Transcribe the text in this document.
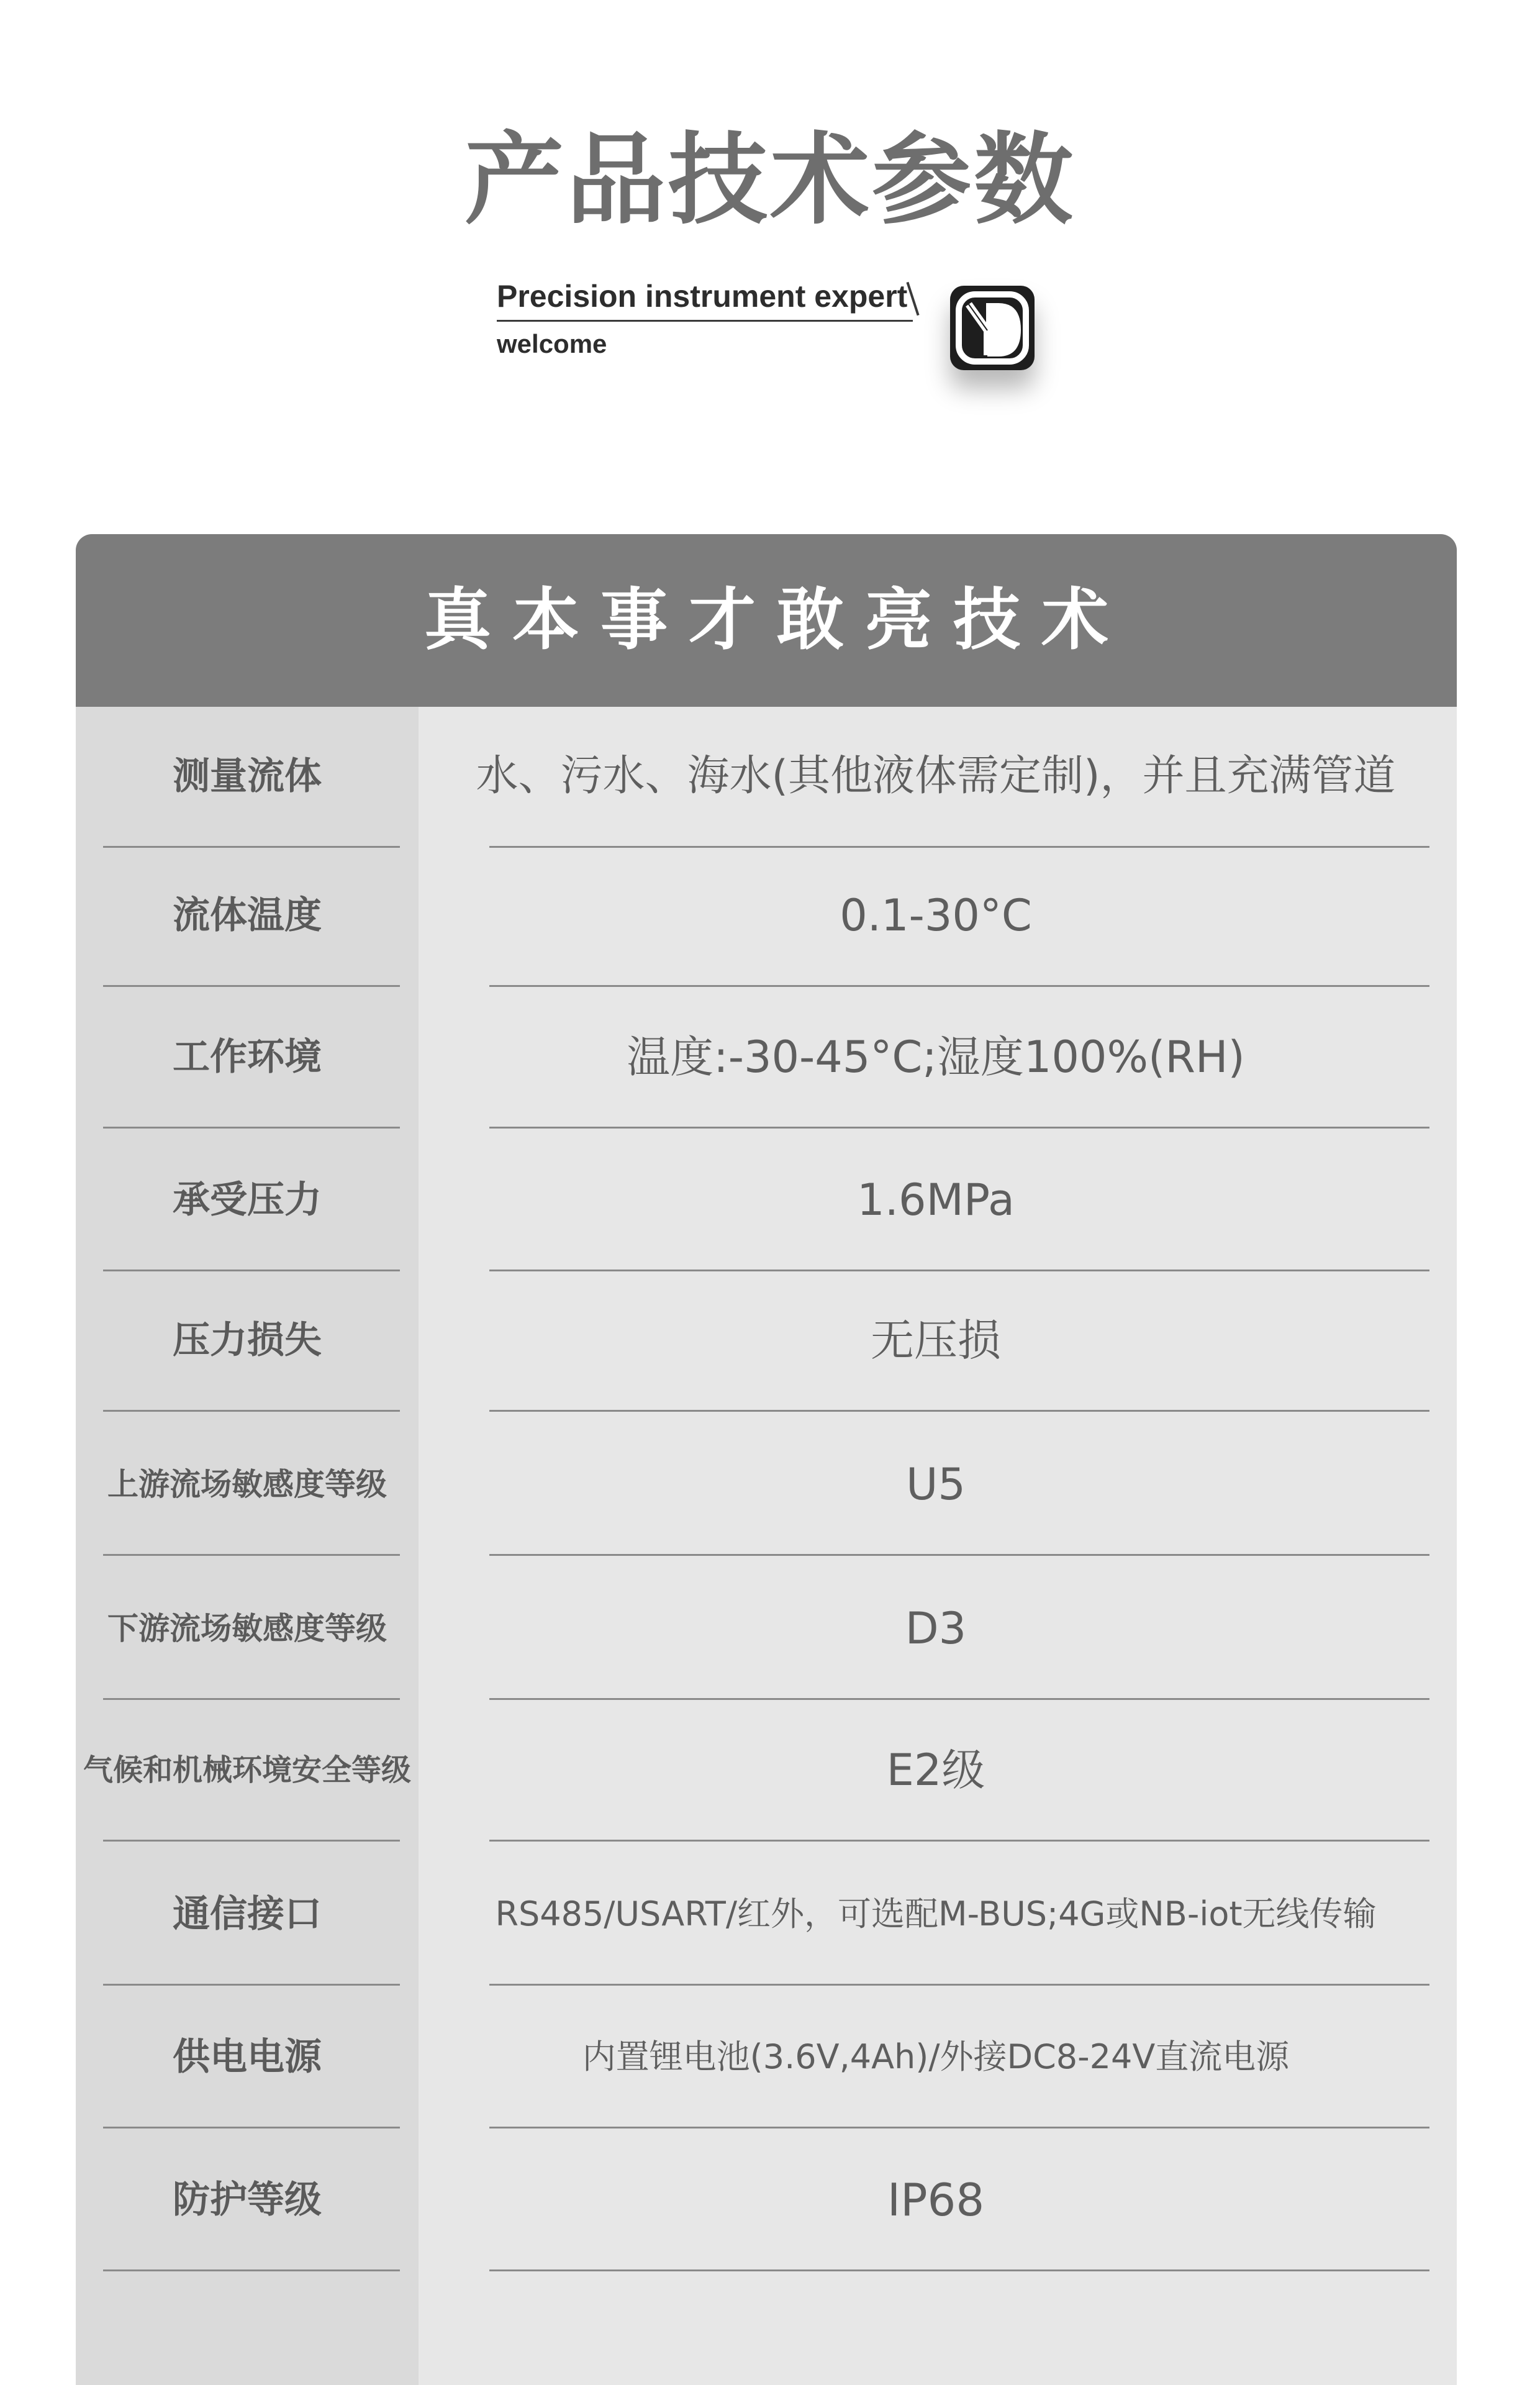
产品技术参数
Precision instrument expert
welcome
真本事才敢亮技术
测量流体	水、污水、海水(其他液体需定制)，并且充满管道
流体温度	0.1-30°C
工作环境	温度:-30-45°C;湿度100%(RH)
承受压力	1.6MPa
压力损失	无压损
上游流场敏感度等级	U5
下游流场敏感度等级	D3
气候和机械环境安全等级	E2级
通信接口	RS485/USART/红外，可选配M-BUS;4G或NB-iot无线传输
供电电源	内置锂电池(3.6V,4Ah)/外接DC8-24V直流电源
防护等级	IP68
